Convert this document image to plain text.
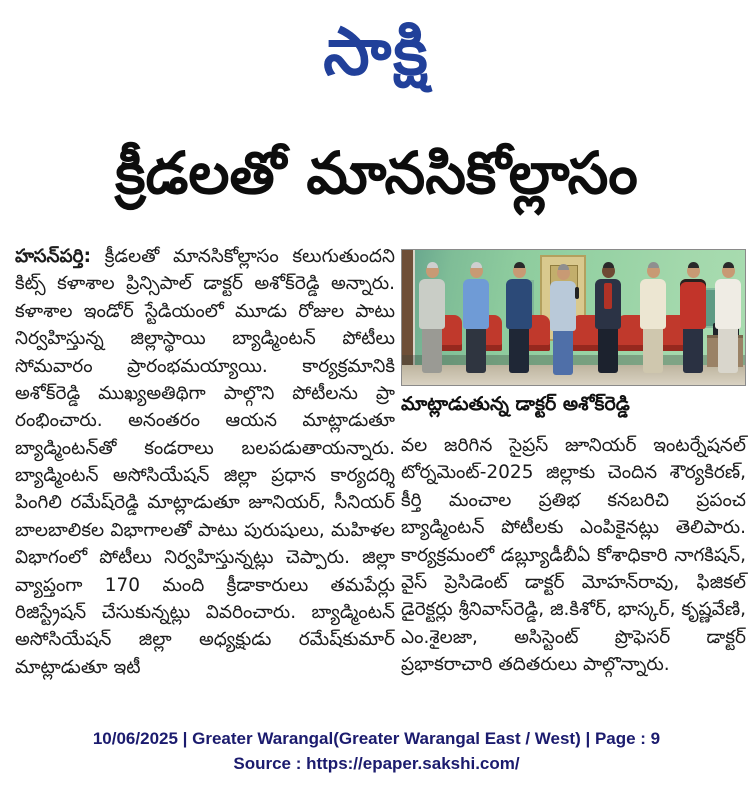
సాక్షి
క్రీడలతో మానసికోల్లాసం
హసన్‌పర్తి: క్రీడలతో మానసికోల్లాసం కలుగుతుందని కిట్స్ కళాశాల ప్రిన్సిపాల్ డాక్టర్ అశోక్‌రెడ్డి అన్నారు. కళాశాల ఇండోర్ స్టేడియంలో మూడు రోజుల పాటు నిర్వహిస్తున్న జిల్లాస్థాయి బ్యాడ్మింటన్ పోటీలు సోమవారం ప్రారంభమయ్యాయి. కార్యక్రమానికి అశోక్‌రెడ్డి ముఖ్యఅతిథిగా పాల్గొని పోటీలను ప్రా రంభించారు. అనంతరం ఆయన మాట్లాడుతూ బ్యాడ్మింటన్‌తో కండరాలు బలపడుతాయన్నారు. బ్యాడ్మింటన్ అసోసియేషన్ జిల్లా ప్రధాన కార్యదర్శి పింగిలి రమేష్‌రెడ్డి మాట్లాడుతూ జూనియర్, సీనియర్ బాలబాలికల విభాగాలతో పాటు పురుషులు, మహిళల విభాగంలో పోటీలు నిర్వహిస్తున్నట్లు చెప్పారు. జిల్లా వ్యాప్తంగా 170 మంది క్రీడాకారులు తమపేర్లు రిజిస్ట్రేషన్ చేసుకున్నట్లు వివరించారు. బ్యాడ్మింటన్ అసోసియేషన్ జిల్లా అధ్యక్షుడు రమేష్‌కుమార్ మాట్లాడుతూ ఇటీ
మాట్లాడుతున్న డాక్టర్ అశోక్‌రెడ్డి
వల జరిగిన సైప్రస్ జూనియర్ ఇంటర్నేషనల్ టోర్నమెంట్-2025 జిల్లాకు చెందిన శౌర్యకిరణ్, కీర్తి మంచాల ప్రతిభ కనబరిచి ప్రపంచ బ్యాడ్మింటన్ పోటీలకు ఎంపికైనట్లు తెలిపారు. కార్యక్రమంలో డబ్ల్యూడీబీఏ కోశాధికారి నాగకిషన్, వైస్ ప్రెసిడెంట్ డాక్టర్ మోహన్‌రావు, ఫిజికల్ డైరెక్టర్లు శ్రీనివాస్‌రెడ్డి, జి.కిశోర్, భాస్కర్, కృష్ణవేణి, ఎం.శైలజా, అసిస్టెంట్ ప్రొఫెసర్ డాక్టర్ ప్రభాకరాచారి తదితరులు పాల్గొన్నారు.
10/06/2025 | Greater Warangal(Greater Warangal East / West) | Page : 9
Source : https://epaper.sakshi.com/
